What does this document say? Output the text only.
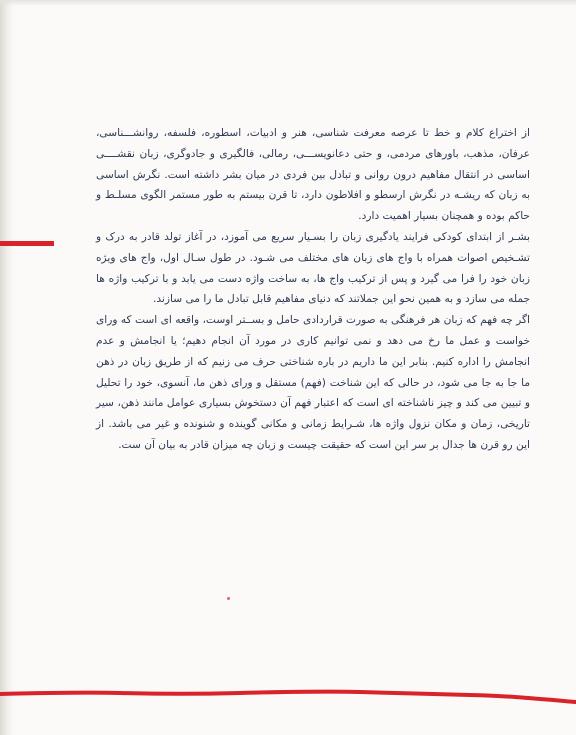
از اختراع کلام و خط تا عرصه معرفت شناسی، هنر و ادبیات، اسطوره، فلسفه، روانشـــناسی، عرفان، مذهب، باورهای مردمی، و حتی دعانویســـی، رمالی، فالگیری و جادوگری، زبان نقشــــی اساسی در انتقال مفاهیم درون روانی و تبادل بین فردی در میان بشر داشته است. نگرش اساسی به زبان که ریشـه در نگرش ارسطو و افلاطون دارد، تا قرن بیستم به طور مستمر الگوی مسلـط و حاکم بوده و همچنان بسیار اهمیت دارد.

بشـر از ابتدای کودکی فرایند یادگیری زبان را بسـیار سریع می آموزد، در آغاز تولد قادر به درک و تشـخیص اصوات همراه با واج های زبان های مختلف می شـود. در طول سـال اول، واج های ویژه زبان خود را فرا می گیرد و پس از ترکیب واج ها، به ساخت واژه دست می یابد و با ترکیب واژه ها جمله می سازد و به همین نحو این جملاتند که دنیای مفاهیم قابل تبادل ما را می سازند.

اگر چه فهم که زبان هر فرهنگی به صورت قراردادی حامل و بســتر اوست، واقعه ای است که ورای خواست و عمل ما رخ می دهد و نمی توانیم کاری در مورد آن انجام دهیم؛ یا انجامش و عدم انجامش را اداره کنیم. بنابر این ما داریم در باره شناختی حرف می زنیم که از طریق زبان در ذهن ما جا به جا می شود، در حالی که این شناخت (فهم) مستقل و ورای ذهن ما، آنسوی، خود را تحلیل و تبیین می کند و چیز ناشناخته ای است که اعتبار فهم آن دستخوش بسیاری عوامل مانند ذهن، سیر تاریخی، زمان و مکان نزول واژه ها، شـرایط زمانی و مکانی گوینده و شنونده و غیر می باشد. از این رو قرن ها جدال بر سر این است که حقیقت چیست و زبان چه میزان قادر به بیان آن ست.
